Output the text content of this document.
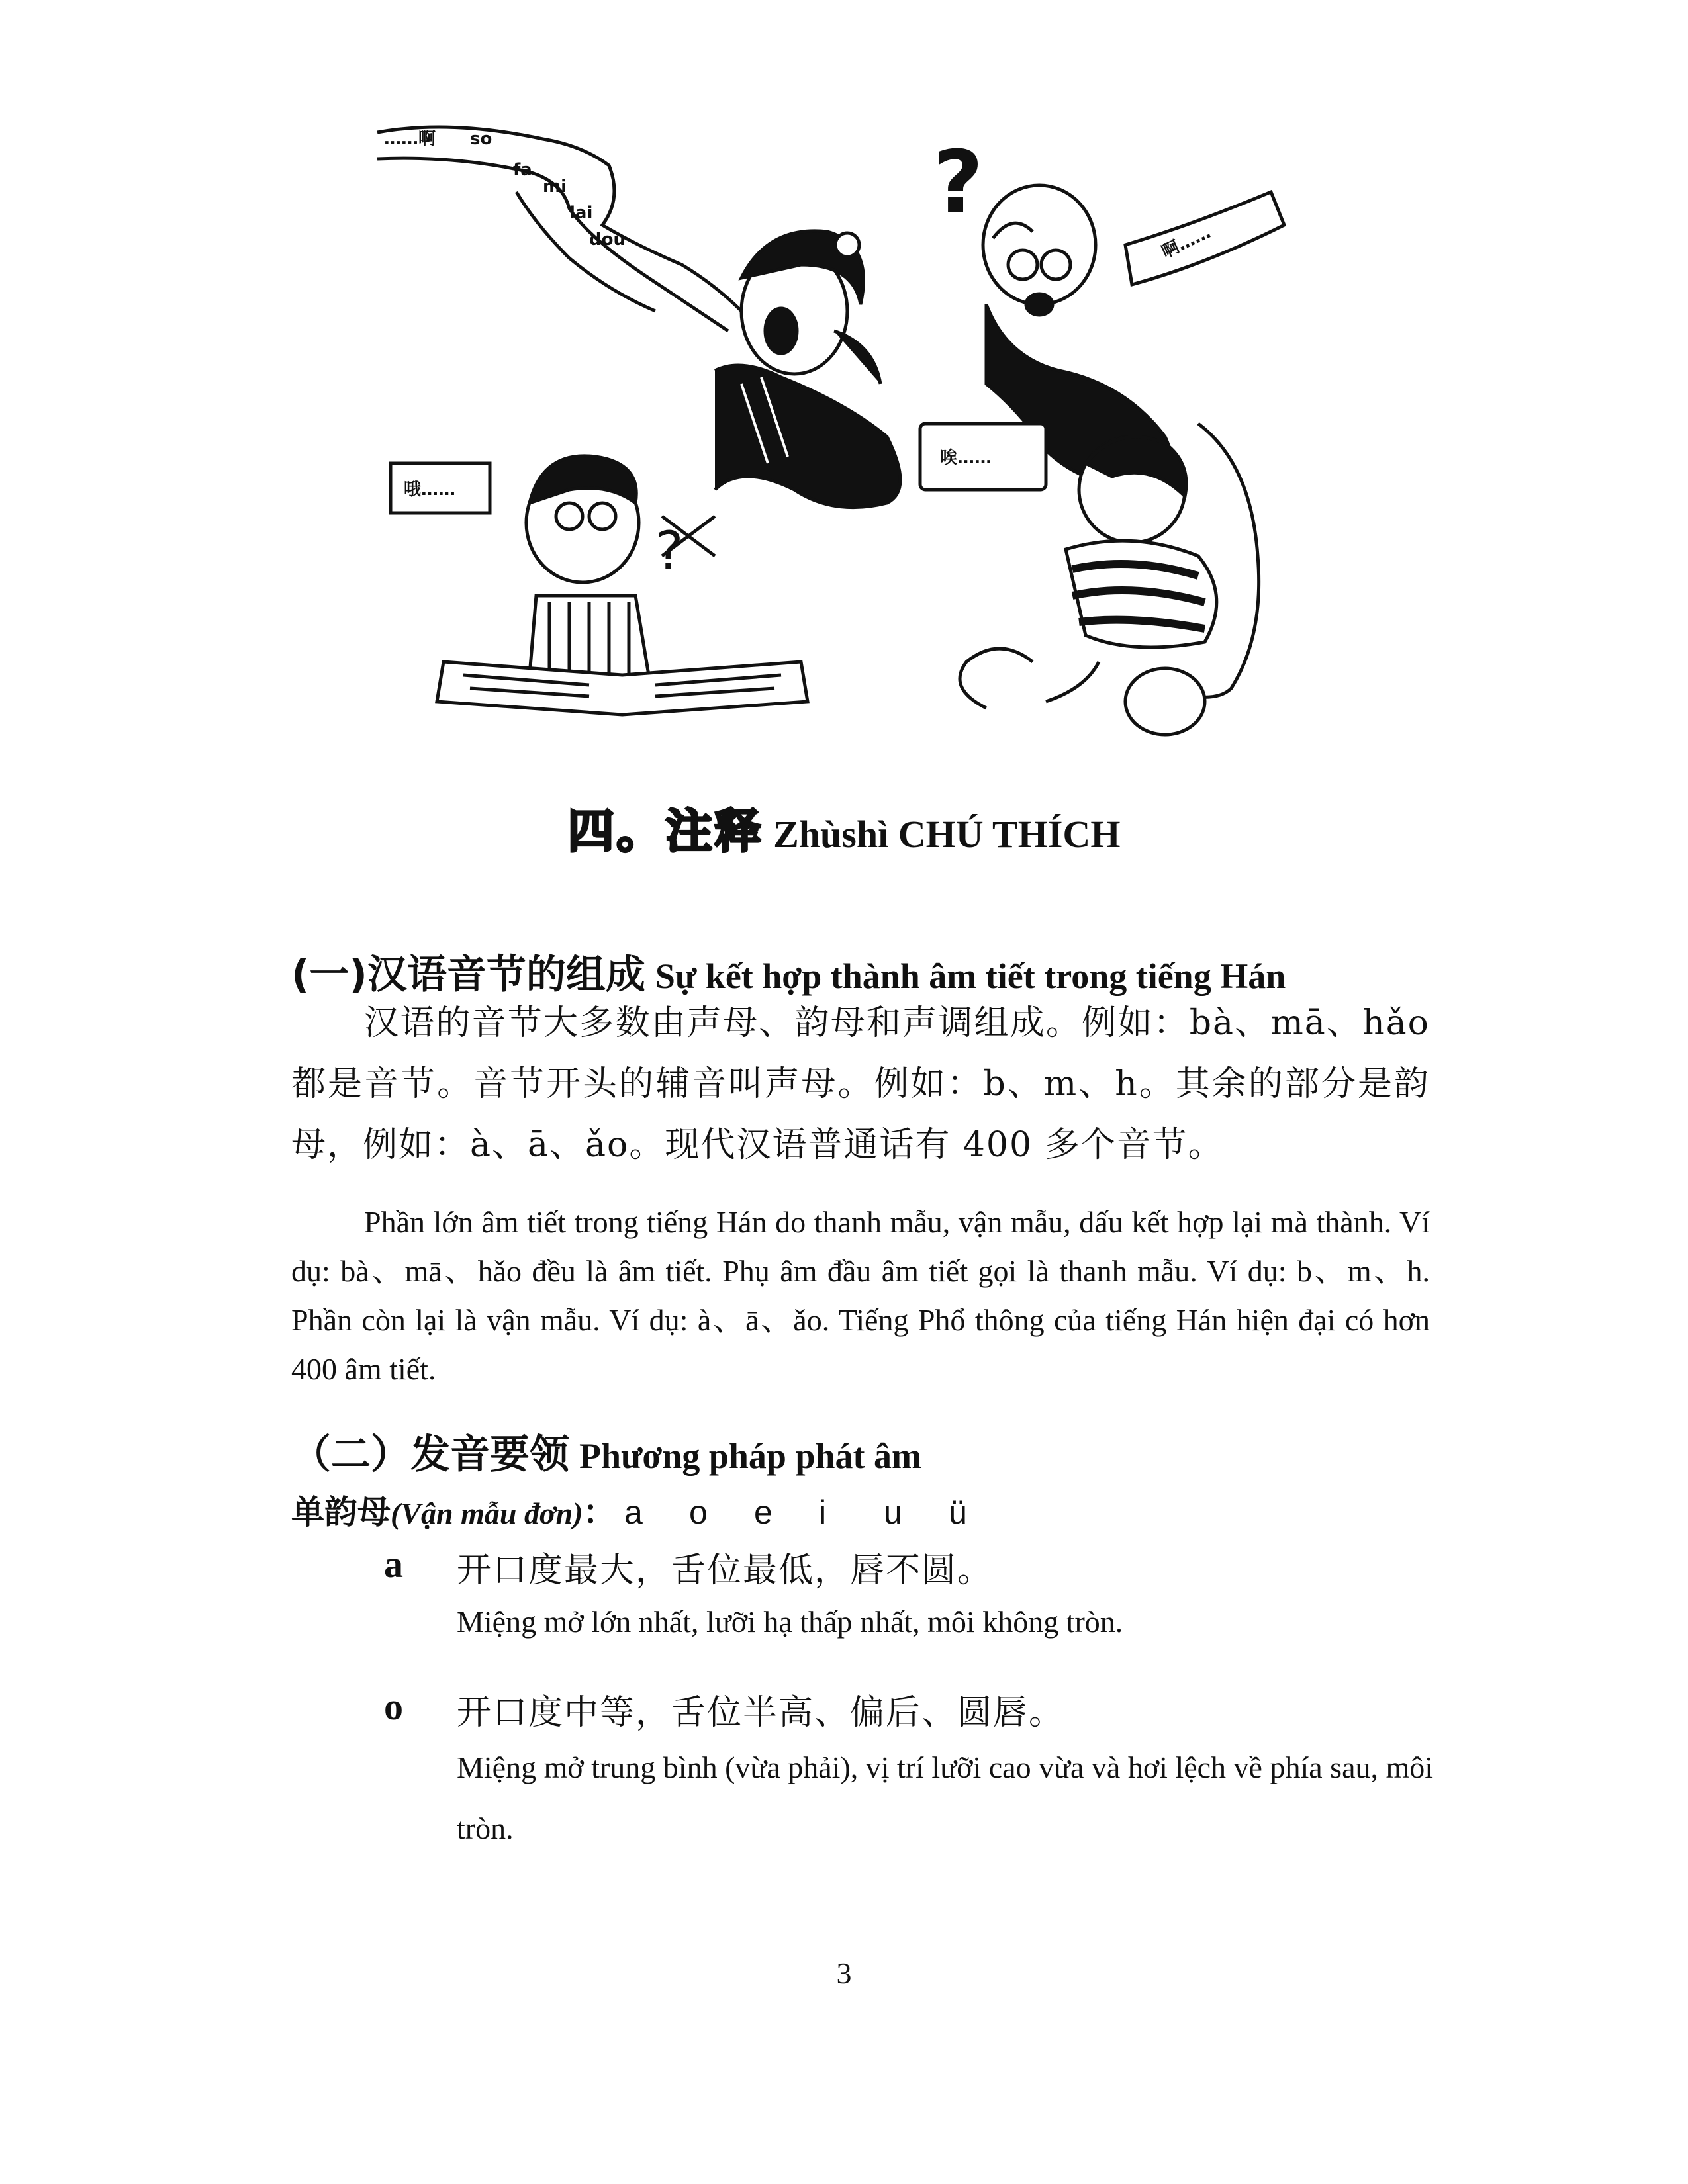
……啊 so
fa
mi
lai
dou
?
啊……
?
哦……
唉……
四。注释 Zhùshì CHÚ THÍCH
(一)汉语音节的组成 Sự kết hợp thành âm tiết trong tiếng Hán
汉语的音节大多数由声母、韵母和声调组成。例如：bà、mā、hǎo 都是音节。音节开头的辅音叫声母。例如：b、m、h。其余的部分是韵母，例如：à、ā、ǎo。现代汉语普通话有 400 多个音节。
Phần lớn âm tiết trong tiếng Hán do thanh mẫu, vận mẫu, dấu kết hợp lại mà thành. Ví dụ: bà、mā、hǎo đều là âm tiết. Phụ âm đầu âm tiết gọi là thanh mẫu. Ví dụ: b、m、h. Phần còn lại là vận mẫu. Ví dụ: à、ā、ǎo. Tiếng Phổ thông của tiếng Hán hiện đại có hơn 400 âm tiết.
（二）发音要领 Phương pháp phát âm
单韵母(Vận mẫu đơn)： a o e i u ü
a 开口度最大，舌位最低，唇不圆。
Miệng mở lớn nhất, lưỡi hạ thấp nhất, môi không tròn.
o 开口度中等，舌位半高、偏后、圆唇。
Miệng mở trung bình (vừa phải), vị trí lưỡi cao vừa và hơi lệch về phía sau, môi tròn.
3
